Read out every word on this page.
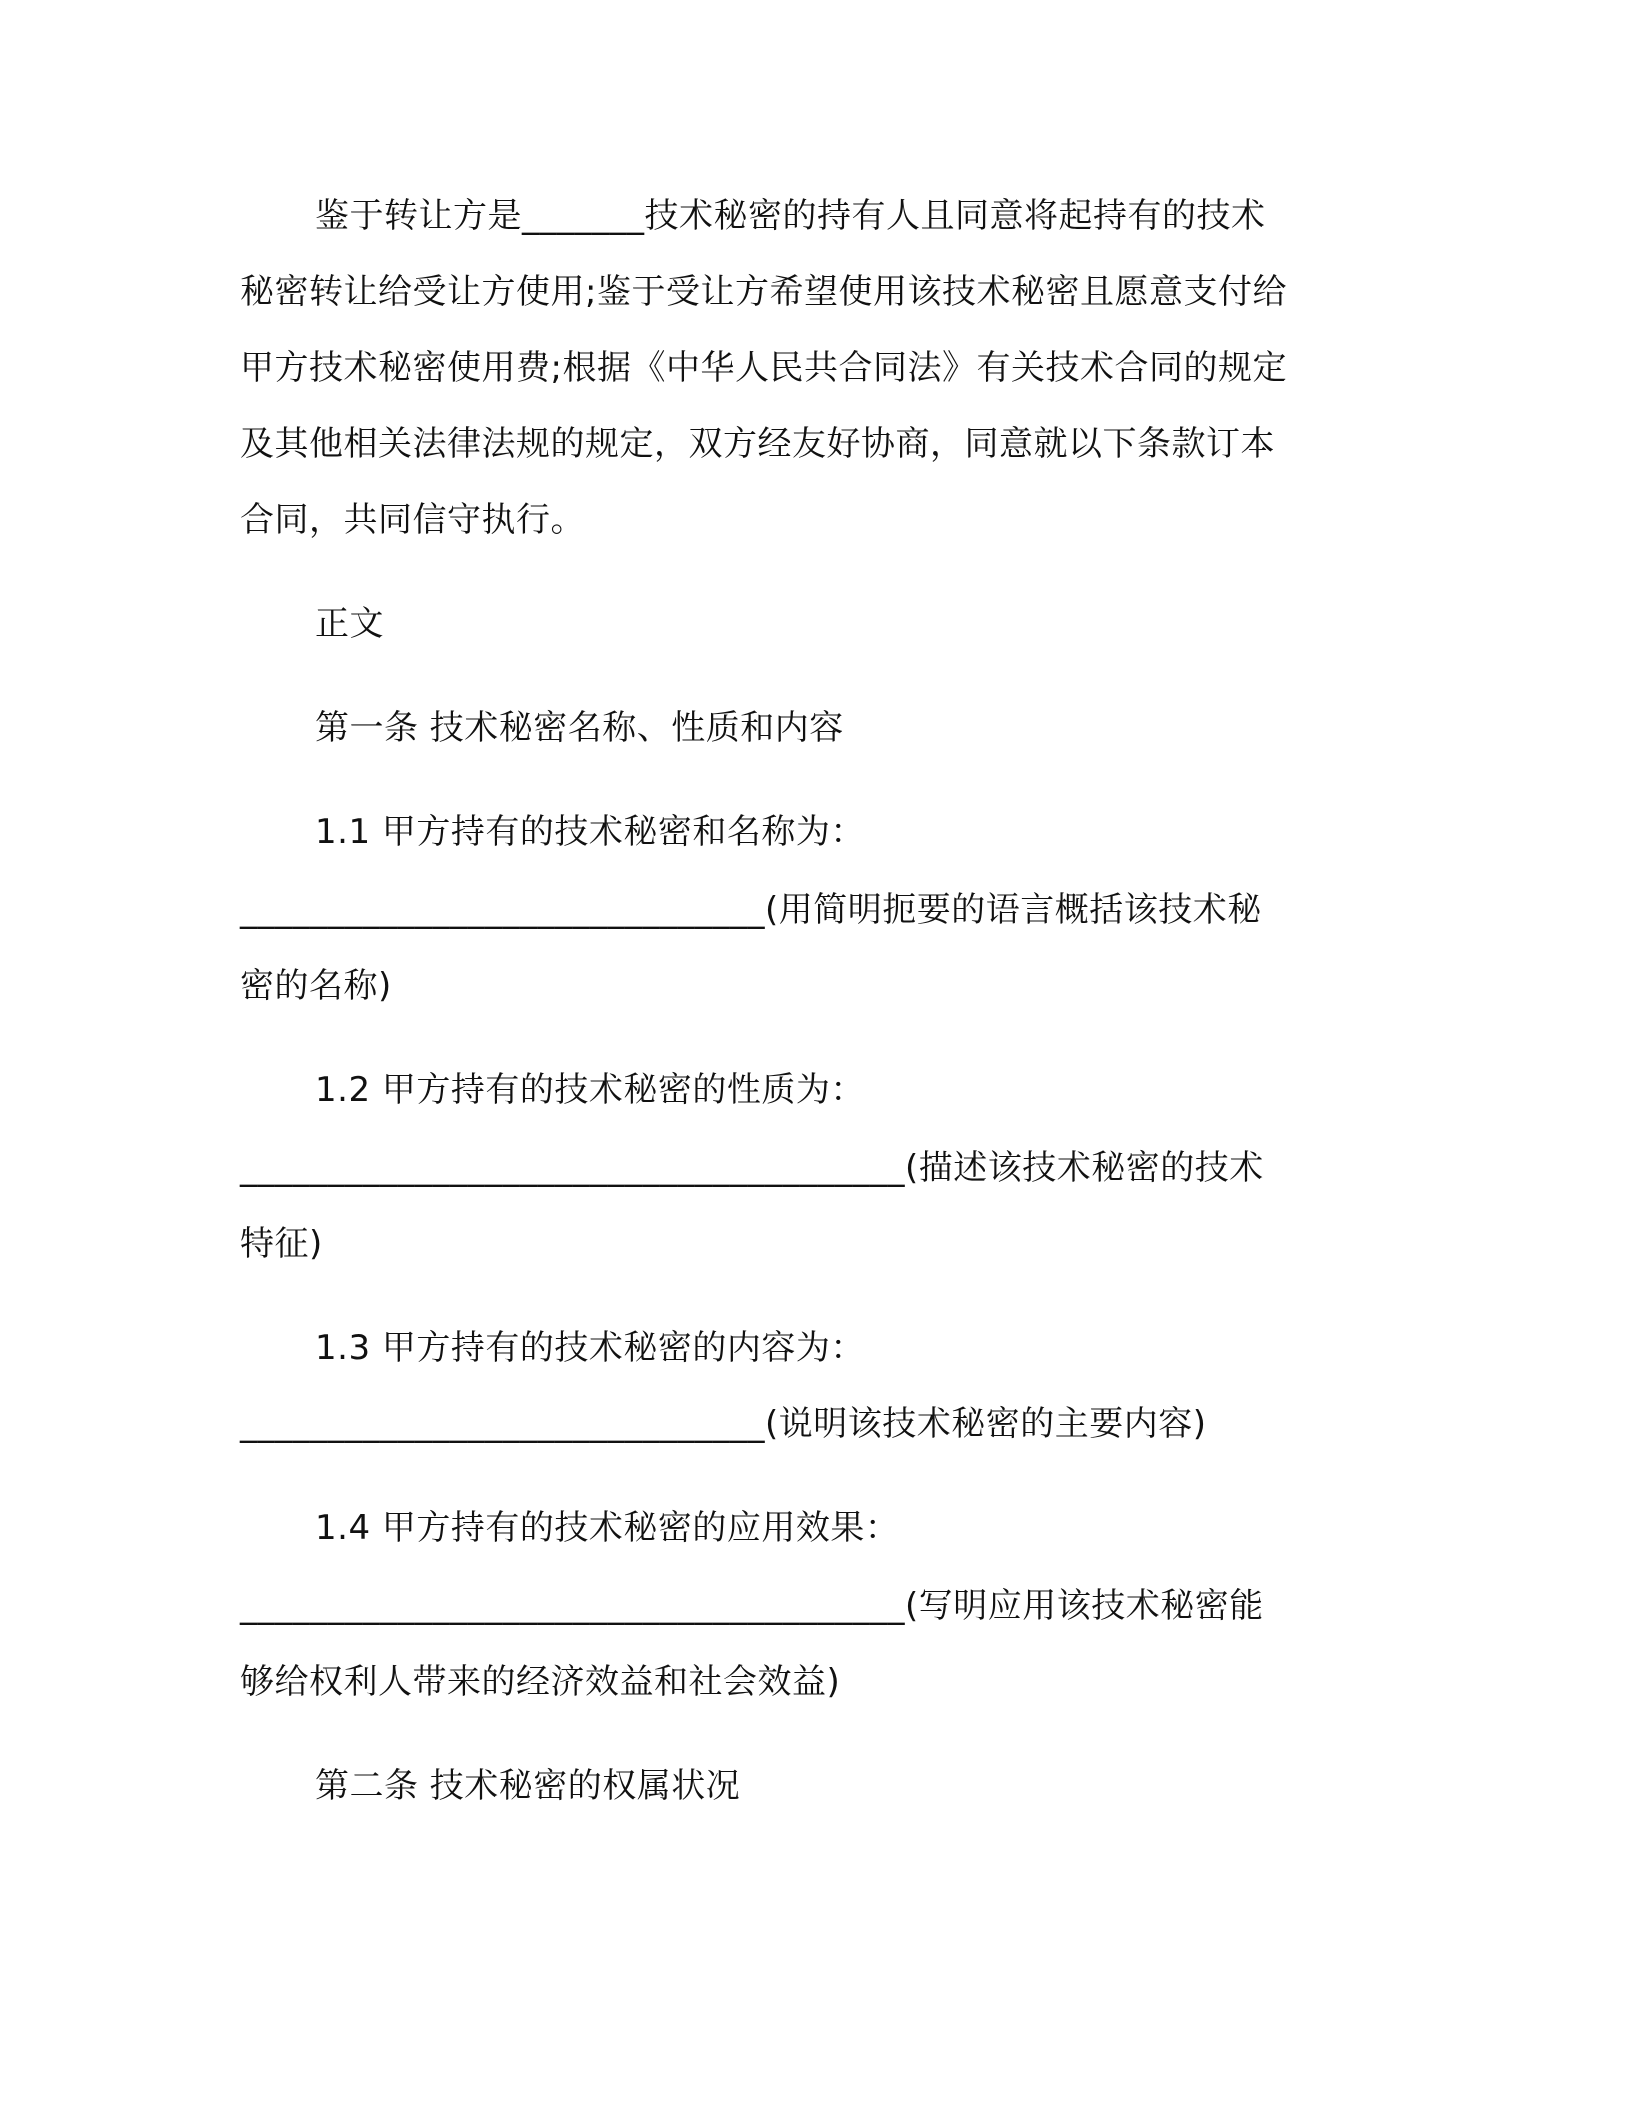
鉴于转让方是_______技术秘密的持有人且同意将起持有的技术
秘密转让给受让方使用;鉴于受让方希望使用该技术秘密且愿意支付给
甲方技术秘密使用费;根据《中华人民共合同法》有关技术合同的规定
及其他相关法律法规的规定，双方经友好协商，同意就以下条款订本
合同，共同信守执行。
正文
第一条 技术秘密名称、性质和内容
1.1 甲方持有的技术秘密和名称为：
______________________________(用简明扼要的语言概括该技术秘
密的名称)
1.2 甲方持有的技术秘密的性质为：
______________________________________(描述该技术秘密的技术
特征)
1.3 甲方持有的技术秘密的内容为：
______________________________(说明该技术秘密的主要内容)
1.4 甲方持有的技术秘密的应用效果：
______________________________________(写明应用该技术秘密能
够给权利人带来的经济效益和社会效益)
第二条 技术秘密的权属状况
